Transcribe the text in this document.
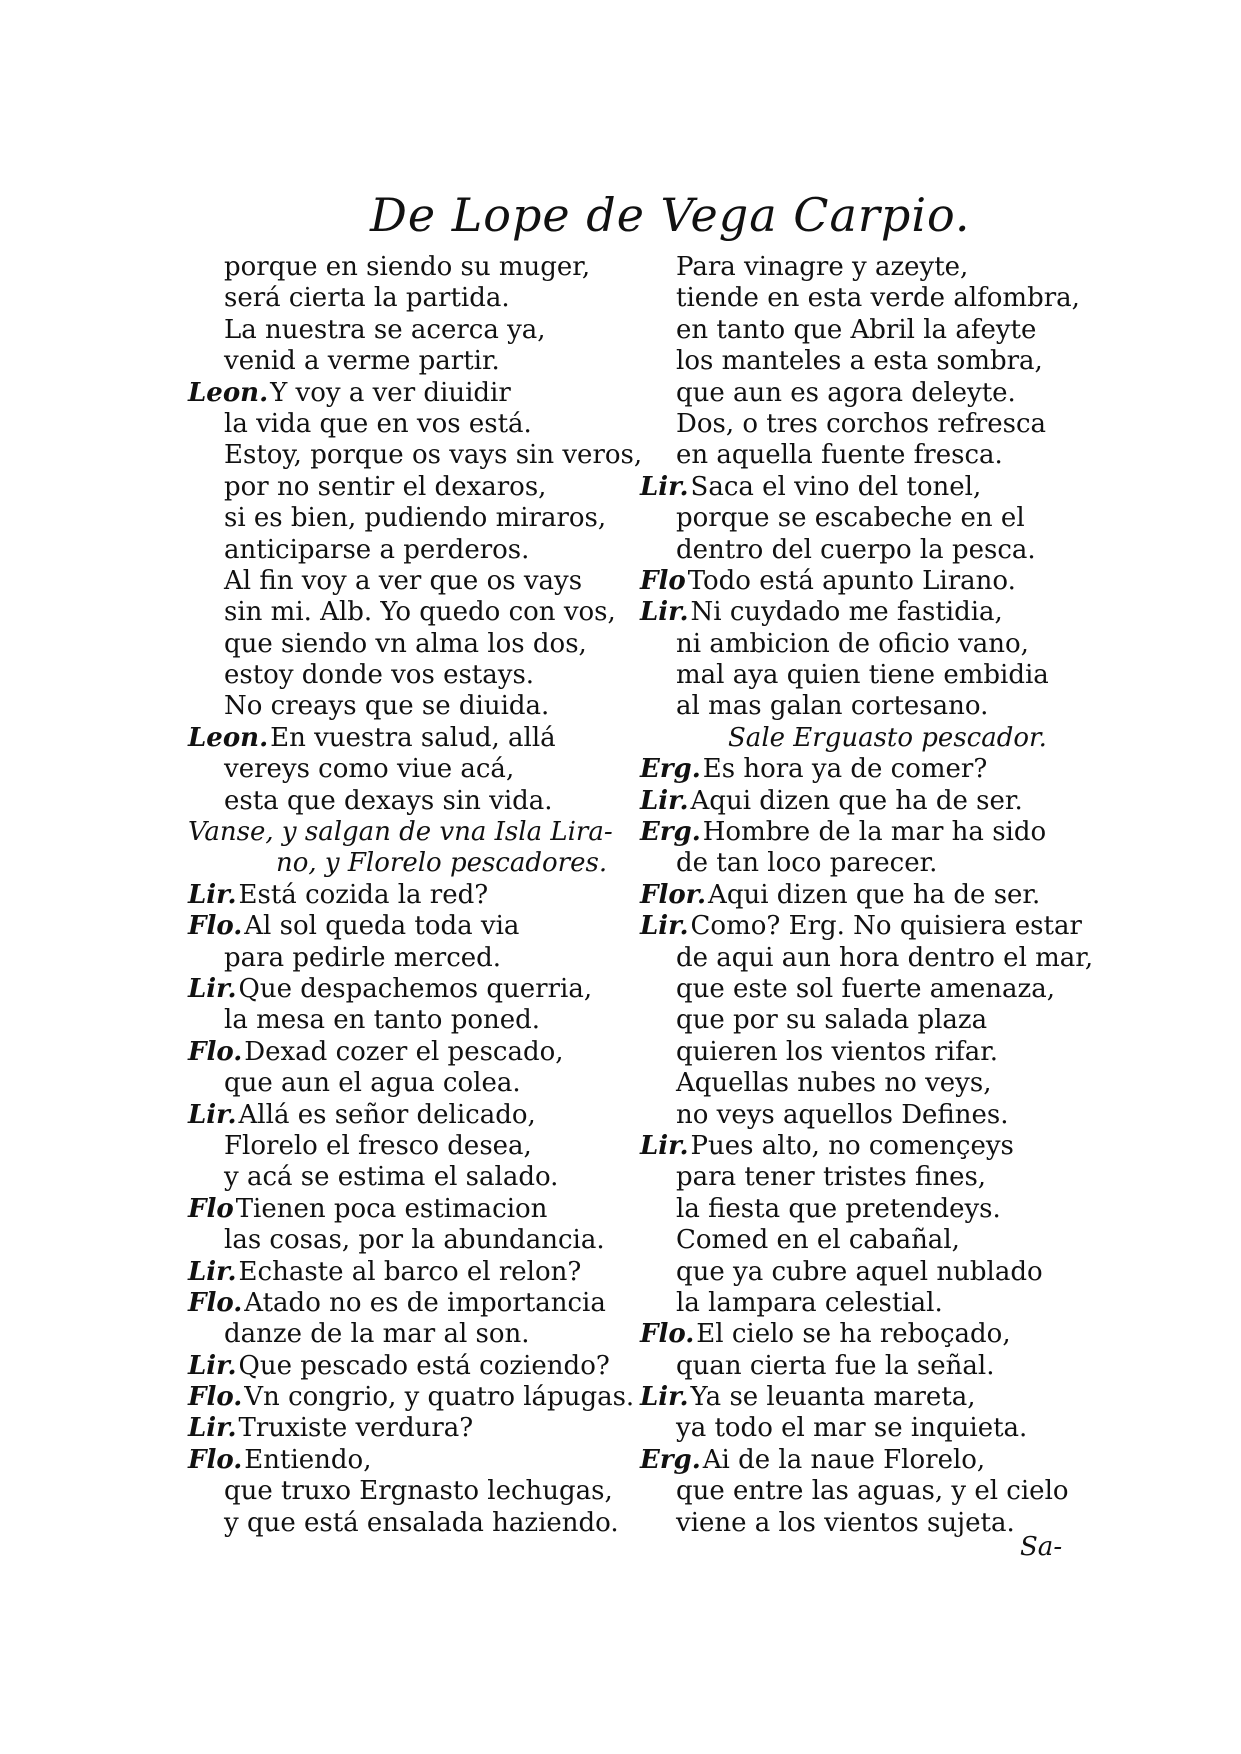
De Lope de Vega Carpio.
porque en siendo su muger,
será cierta la partida.
La nuestra se acerca ya,
venid a verme partir.
Leon.Y voy a ver diuidir
la vida que en vos está.
Estoy, porque os vays sin veros,
por no sentir el dexaros,
si es bien, pudiendo miraros,
anticiparse a perderos.
Al fin voy a ver que os vays
sin mi. Alb. Yo quedo con vos,
que siendo vn alma los dos,
estoy donde vos estays.
No creays que se diuida.
Leon.En vuestra salud, allá
vereys como viue acá,
esta que dexays sin vida.
Vanse, y salgan de vna Isla Lira-
no, y Florelo pescadores.
Lir.Está cozida la red?
Flo.Al sol queda toda via
para pedirle merced.
Lir.Que despachemos querria,
la mesa en tanto poned.
Flo.Dexad cozer el pescado,
que aun el agua colea.
Lir.Allá es señor delicado,
Florelo el fresco desea,
y acá se estima el salado.
FloTienen poca estimacion
las cosas, por la abundancia.
Lir.Echaste al barco el relon?
Flo.Atado no es de importancia
danze de la mar al son.
Lir.Que pescado está coziendo?
Flo.Vn congrio, y quatro lápugas.
Lir.Truxiste verdura?
Flo.Entiendo,
que truxo Ergnasto lechugas,
y que está ensalada haziendo.
Para vinagre y azeyte,
tiende en esta verde alfombra,
en tanto que Abril la afeyte
los manteles a esta sombra,
que aun es agora deleyte.
Dos, o tres corchos refresca
en aquella fuente fresca.
Lir.Saca el vino del tonel,
porque se escabeche en el
dentro del cuerpo la pesca.
FloTodo está apunto Lirano.
Lir.Ni cuydado me fastidia,
ni ambicion de oficio vano,
mal aya quien tiene embidia
al mas galan cortesano.
Sale Erguasto pescador.
Erg.Es hora ya de comer?
Lir.Aqui dizen que ha de ser.
Erg.Hombre de la mar ha sido
de tan loco parecer.
Flor.Aqui dizen que ha de ser.
Lir.Como? Erg. No quisiera estar
de aqui aun hora dentro el mar,
que este sol fuerte amenaza,
que por su salada plaza
quieren los vientos rifar.
Aquellas nubes no veys,
no veys aquellos Defines.
Lir.Pues alto, no començeys
para tener tristes fines,
la fiesta que pretendeys.
Comed en el cabañal,
que ya cubre aquel nublado
la lampara celestial.
Flo.El cielo se ha reboçado,
quan cierta fue la señal.
Lir.Ya se leuanta mareta,
ya todo el mar se inquieta.
Erg.Ai de la naue Florelo,
que entre las aguas, y el cielo
viene a los vientos sujeta.
Sa-
